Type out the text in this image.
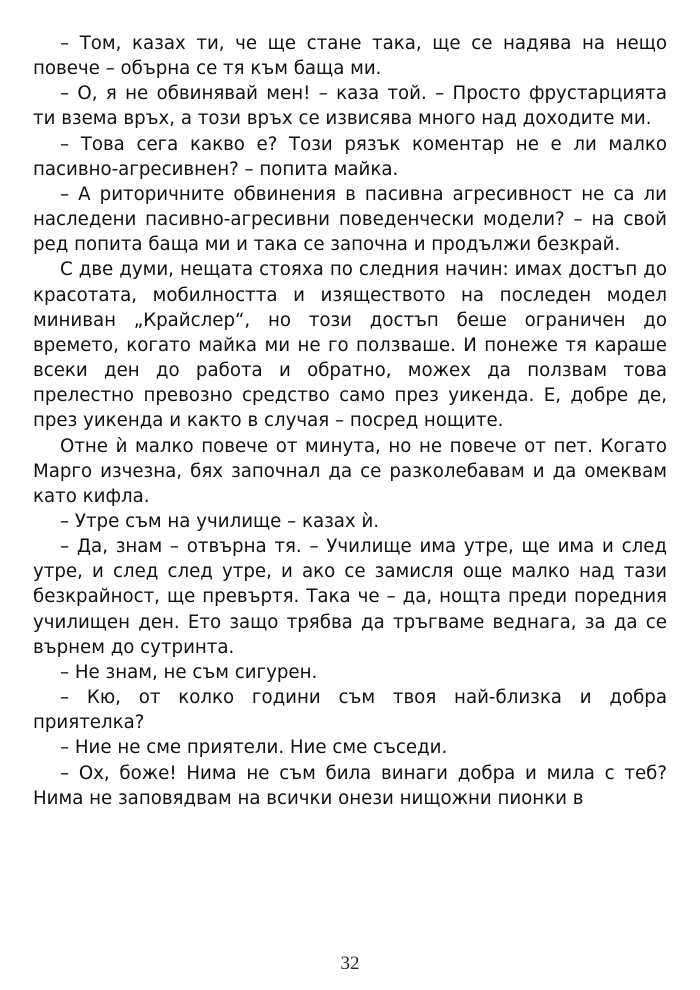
– Том, казах ти, че ще стане така, ще се надява на нещо повече – обърна се тя към баща ми.

– О, я не обвинявай мен! – каза той. – Просто фрустарцията ти взема връх, а този връх се извисява много над доходите ми.

– Това сега какво е? Този рязък коментар не е ли малко пасивно-агресивнен? – попита майка.

– А риторичните обвинения в пасивна агресивност не са ли наследени пасивно-агресивни поведенчески модели? – на свой ред попита баща ми и така се започна и продължи безкрай.

С две думи, нещата стояха по следния начин: имах достъп до красотата, мобилността и изяществото на последен модел миниван „Крайслер“, но този достъп беше ограничен до времето, когато майка ми не го ползваше. И понеже тя караше всеки ден до работа и обратно, можех да ползвам това прелестно превозно средство само през уикенда. Е, добре де, през уикенда и както в случая – посред нощите.

Отне ѝ малко повече от минута, но не повече от пет. Когато Марго изчезна, бях започнал да се разколебавам и да омеквам като кифла.

– Утре съм на училище – казах ѝ.

– Да, знам – отвърна тя. – Училище има утре, ще има и след утре, и след след утре, и ако се замисля още малко над тази безкрайност, ще превъртя. Така че – да, нощта преди поредния училищен ден. Ето защо трябва да тръгваме веднага, за да се върнем до сутринта.

– Не знам, не съм сигурен.

– Кю, от колко години съм твоя най-близка и добра приятелка?

– Ние не сме приятели. Ние сме съседи.

– Ох, боже! Нима не съм била винаги добра и мила с теб? Нима не заповядвам на всички онези нищожни пионки в

32
